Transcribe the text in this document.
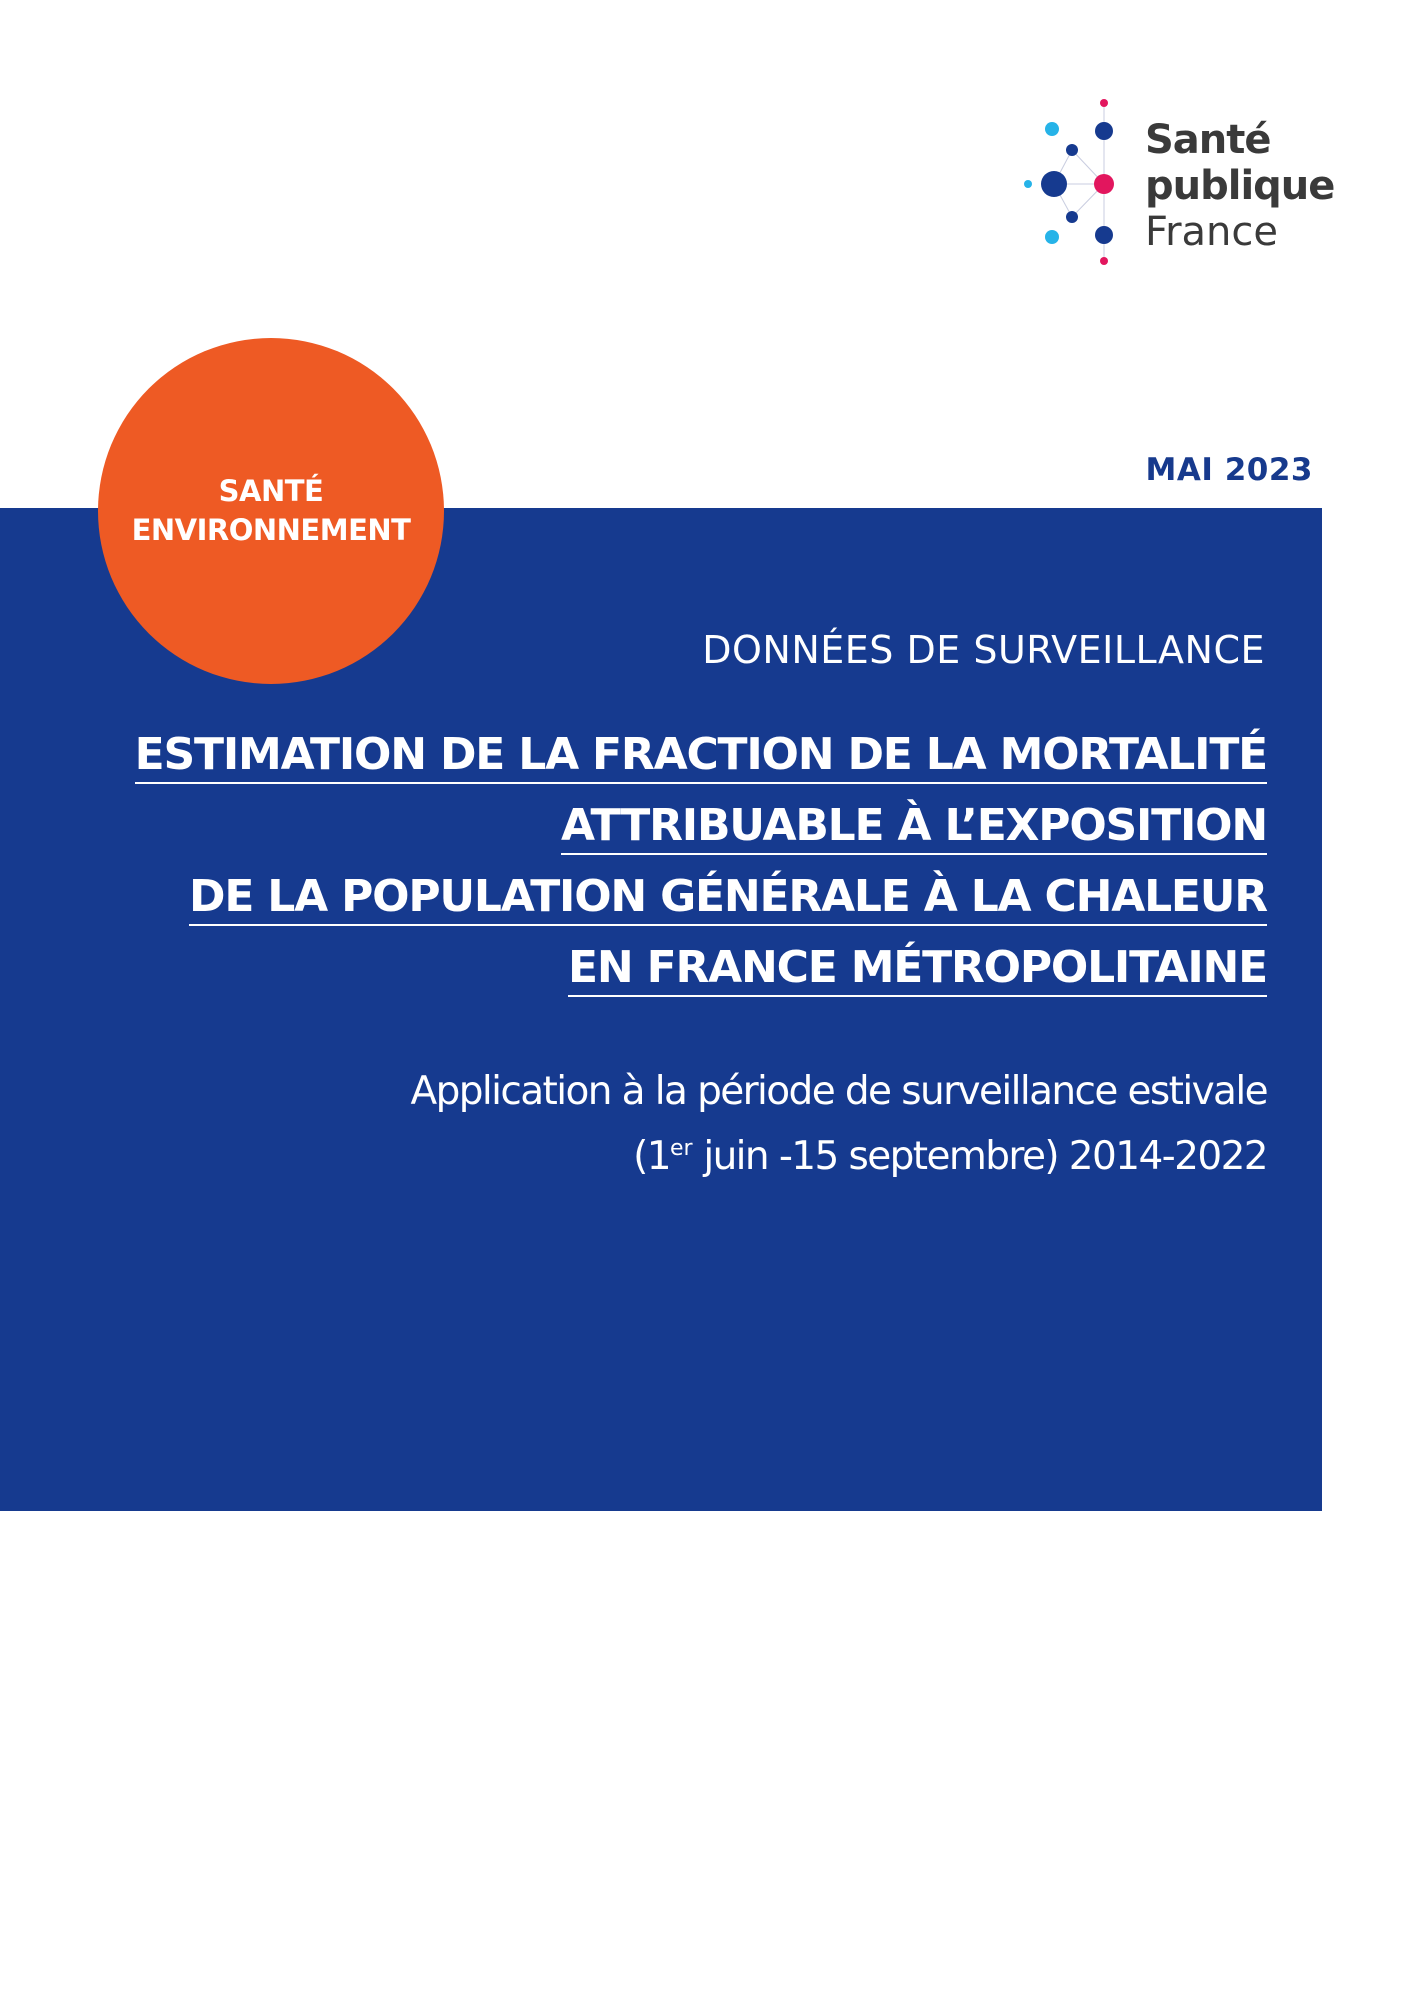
Santé
publique
France
MAI 2023
DONNÉES DE SURVEILLANCE
ESTIMATION DE LA FRACTION DE LA MORTALITÉ
ATTRIBUABLE À L’EXPOSITION
DE LA POPULATION GÉNÉRALE À LA CHALEUR
EN FRANCE MÉTROPOLITAINE
Application à la période de surveillance estivale
(1er juin -15 septembre) 2014-2022
SANTÉ
ENVIRONNEMENT
